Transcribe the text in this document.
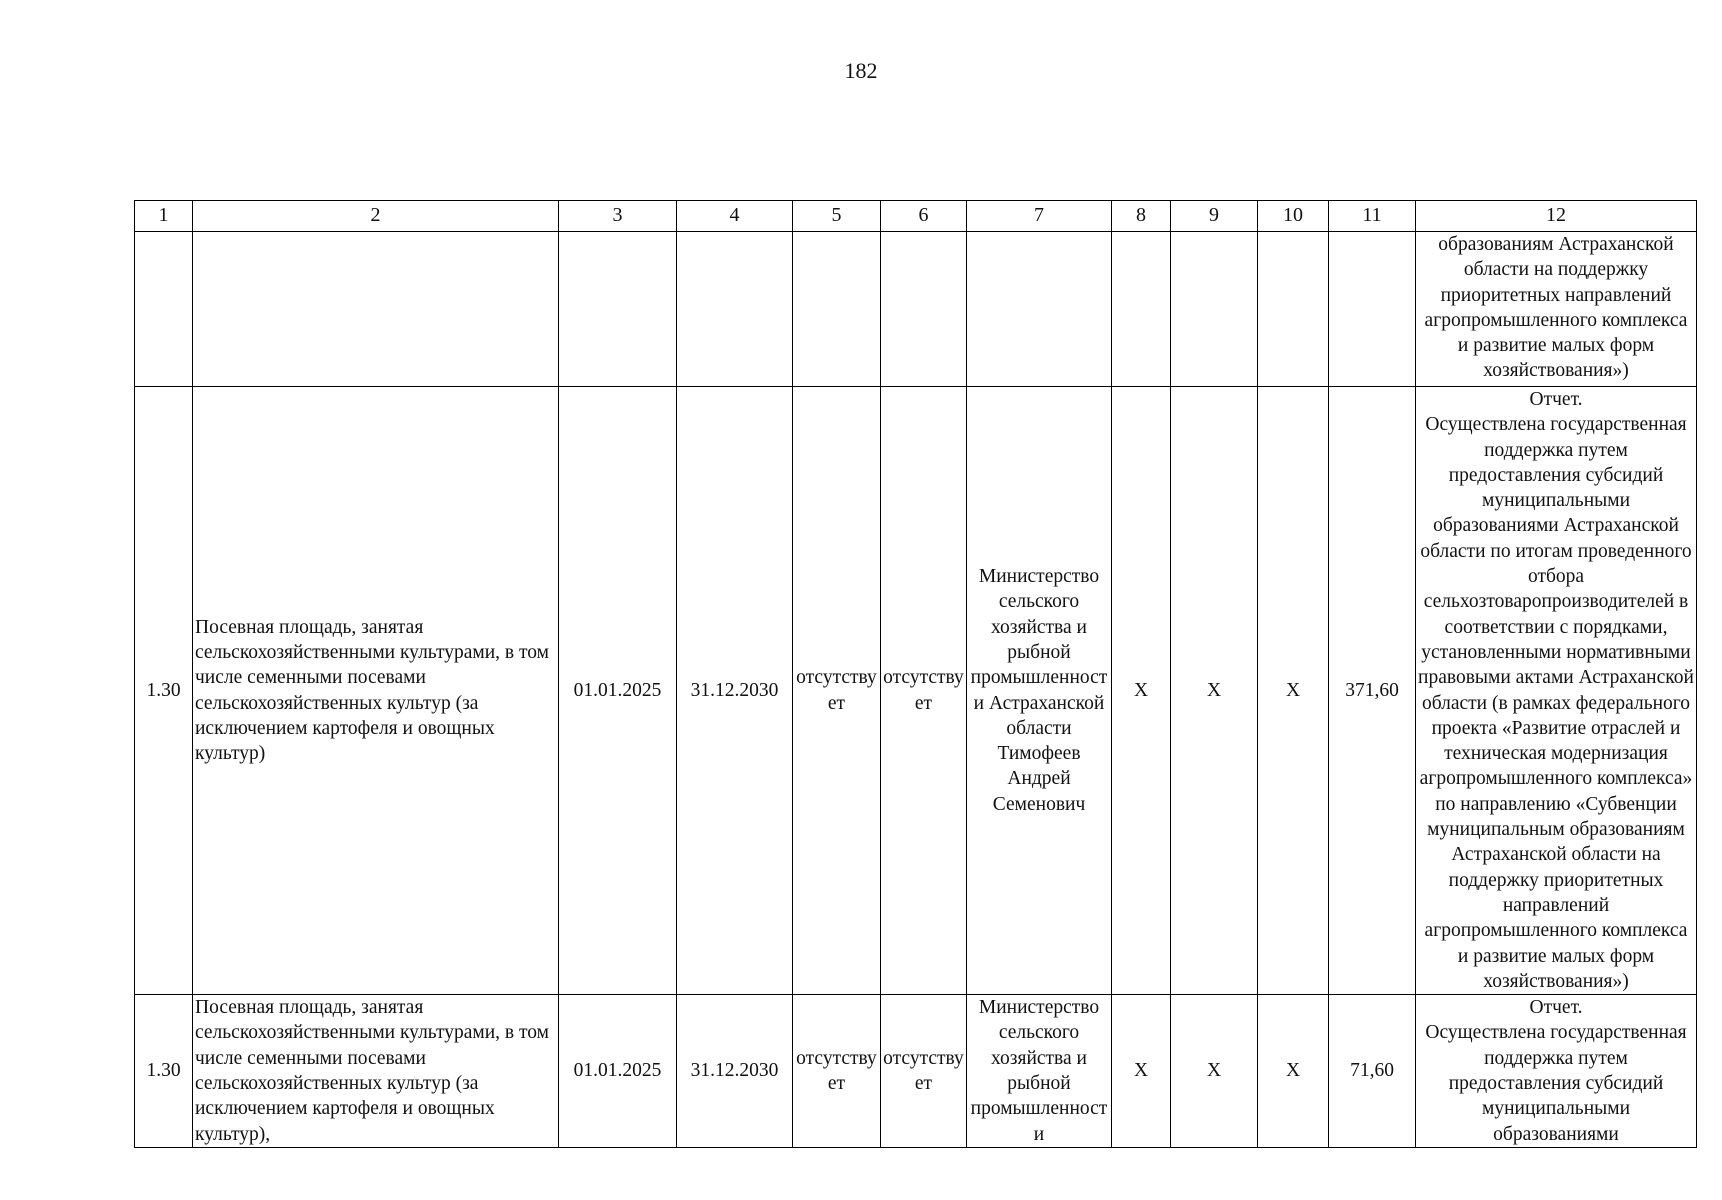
182
1	2	3	4	5	6	7	8	9	10	11	12

											образованиям Астраханской области на поддержку приоритетных направлений агропромышленного комплекса и развитие малых форм хозяйствования»)

1.30	Посевная площадь, занятая сельскохозяйственными культурами, в том числе семенными посевами сельскохозяйственных культур (за исключением картофеля и овощных культур)	01.01.2025	31.12.2030	отсутствует	отсутствует	Министерство сельского хозяйства и рыбной промышленности Астраханской области Тимофеев Андрей Семенович	X	X	X	371,60	Отчет.

Осуществлена государственная поддержка путем предоставления субсидий муниципальными образованиями Астраханской области по итогам проведенного отбора сельхозтоваропроизводителей в соответствии с порядками, установленными нормативными правовыми актами Астраханской области (в рамках федерального проекта «Развитие отраслей и техническая модернизация агропромышленного комплекса» по направлению «Субвенции муниципальным образованиям Астраханской области на поддержку приоритетных направлений агропромышленного комплекса и развитие малых форм хозяйствования»)

1.30	Посевная площадь, занятая сельскохозяйственными культурами, в том числе семенными посевами сельскохозяйственных культур (за исключением картофеля и овощных культур),	01.01.2025	31.12.2030	отсутствует	отсутствует	Министерство сельского хозяйства и рыбной промышленности	X	X	X	71,60	Отчет.

Осуществлена государственная поддержка путем предоставления субсидий муниципальными образованиями
